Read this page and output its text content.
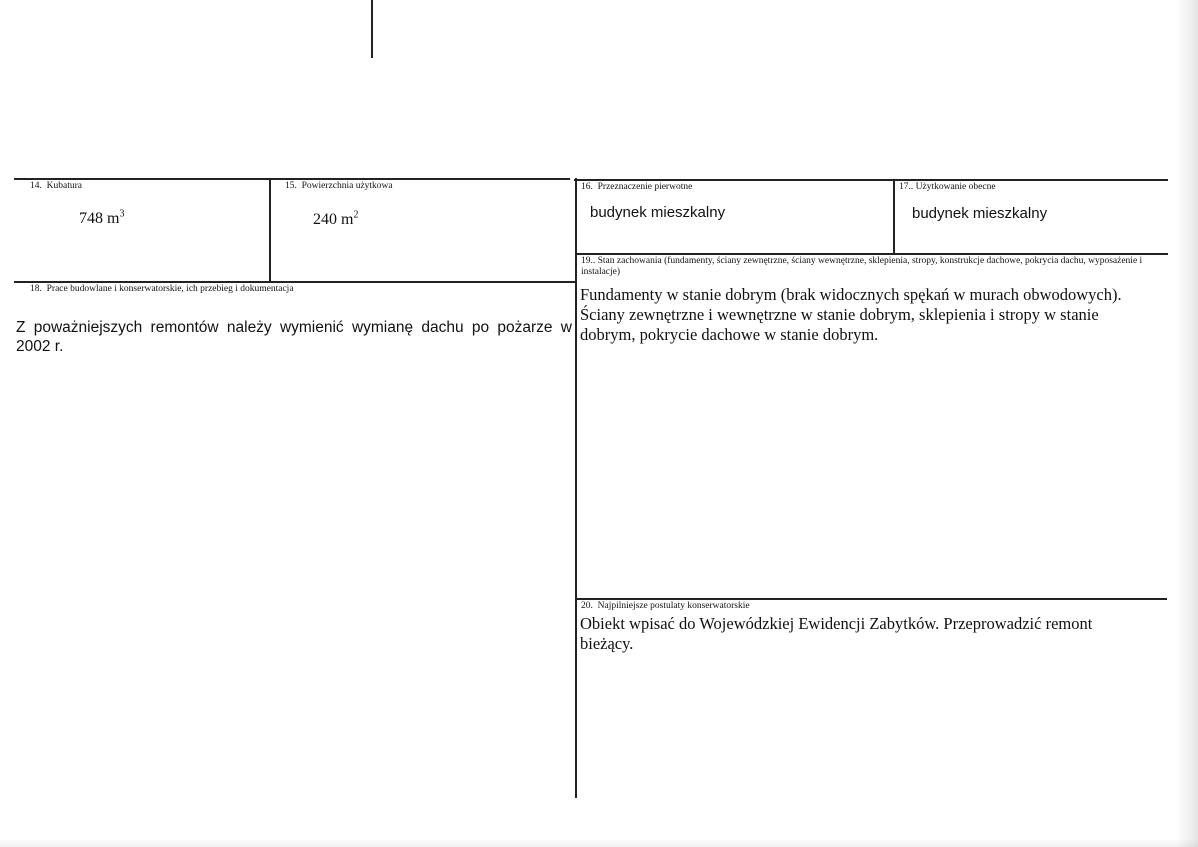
14.  Kubatura
748 $m^3$
15.  Powierzchnia użytkowa
240 $m^2$
16.  Przeznaczenie pierwotne
budynek mieszkalny
17.. Użytkowanie obecne
budynek mieszkalny
19.. Stan zachowania (fundamenty, ściany zewnętrzne, ściany wewnętrzne, sklepienia, stropy, konstrukcje dachowe, pokrycia dachu, wyposażenie i instalacje)

Fundamenty w stanie dobrym (brak widocznych spękań w murach obwodowych). Ściany zewnętrzne i wewnętrzne w stanie dobrym, sklepienia i stropy w stanie dobrym, pokrycie dachowe w stanie dobrym.

18.  Prace budowlane i konserwatorskie, ich przebieg i dokumentacja

Z poważniejszych remontów należy wymienić wymianę dachu po pożarze w 2002 r.

20.  Najpilniejsze postulaty konserwatorskie

Obiekt wpisać do Wojewódzkiej Ewidencji Zabytków. Przeprowadzić remont bieżący.
